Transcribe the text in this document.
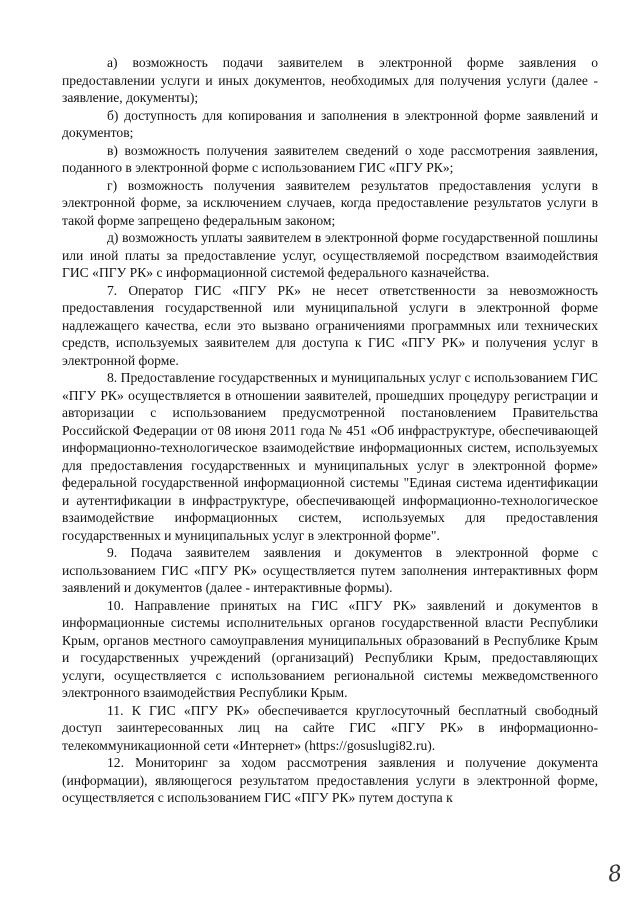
а) возможность подачи заявителем в электронной форме заявления о предоставлении услуги и иных документов, необходимых для получения услуги (далее - заявление, документы);

б) доступность для копирования и заполнения в электронной форме заявлений и документов;

в) возможность получения заявителем сведений о ходе рассмотрения заявления, поданного в электронной форме с использованием ГИС «ПГУ РК»;

г) возможность получения заявителем результатов предоставления услуги в электронной форме, за исключением случаев, когда предоставление результатов услуги в такой форме запрещено федеральным законом;

д) возможность уплаты заявителем в электронной форме государственной пошлины или иной платы за предоставление услуг, осуществляемой посредством взаимодействия ГИС «ПГУ РК» с информационной системой федерального казначейства.

7. Оператор ГИС «ПГУ РК» не несет ответственности за невозможность предоставления государственной или муниципальной услуги в электронной форме надлежащего качества, если это вызвано ограничениями программных или технических средств, используемых заявителем для доступа к ГИС «ПГУ РК» и получения услуг в электронной форме.

8. Предоставление государственных и муниципальных услуг с использованием ГИС «ПГУ РК» осуществляется в отношении заявителей, прошедших процедуру регистрации и авторизации с использованием предусмотренной постановлением Правительства Российской Федерации от 08 июня 2011 года № 451 «Об инфраструктуре, обеспечивающей информационно-технологическое взаимодействие информационных систем, используемых для предоставления государственных и муниципальных услуг в электронной форме» федеральной государственной информационной системы "Единая система идентификации и аутентификации в инфраструктуре, обеспечивающей информационно-технологическое взаимодействие информационных систем, используемых для предоставления государственных и муниципальных услуг в электронной форме".

9. Подача заявителем заявления и документов в электронной форме с использованием ГИС «ПГУ РК» осуществляется путем заполнения интерактивных форм заявлений и документов (далее - интерактивные формы).

10. Направление принятых на ГИС «ПГУ РК» заявлений и документов в информационные системы исполнительных органов государственной власти Республики Крым, органов местного самоуправления муниципальных образований в Республике Крым и государственных учреждений (организаций) Республики Крым, предоставляющих услуги, осуществляется с использованием региональной системы межведомственного электронного взаимодействия Республики Крым.

11. К ГИС «ПГУ РК» обеспечивается круглосуточный бесплатный свободный доступ заинтересованных лиц на сайте ГИС «ПГУ РК» в информационно-телекоммуникационной сети «Интернет» (https://gosuslugi82.ru).

12. Мониторинг за ходом рассмотрения заявления и получение документа (информации), являющегося результатом предоставления услуги в электронной форме, осуществляется с использованием ГИС «ПГУ РК» путем доступа к

8
